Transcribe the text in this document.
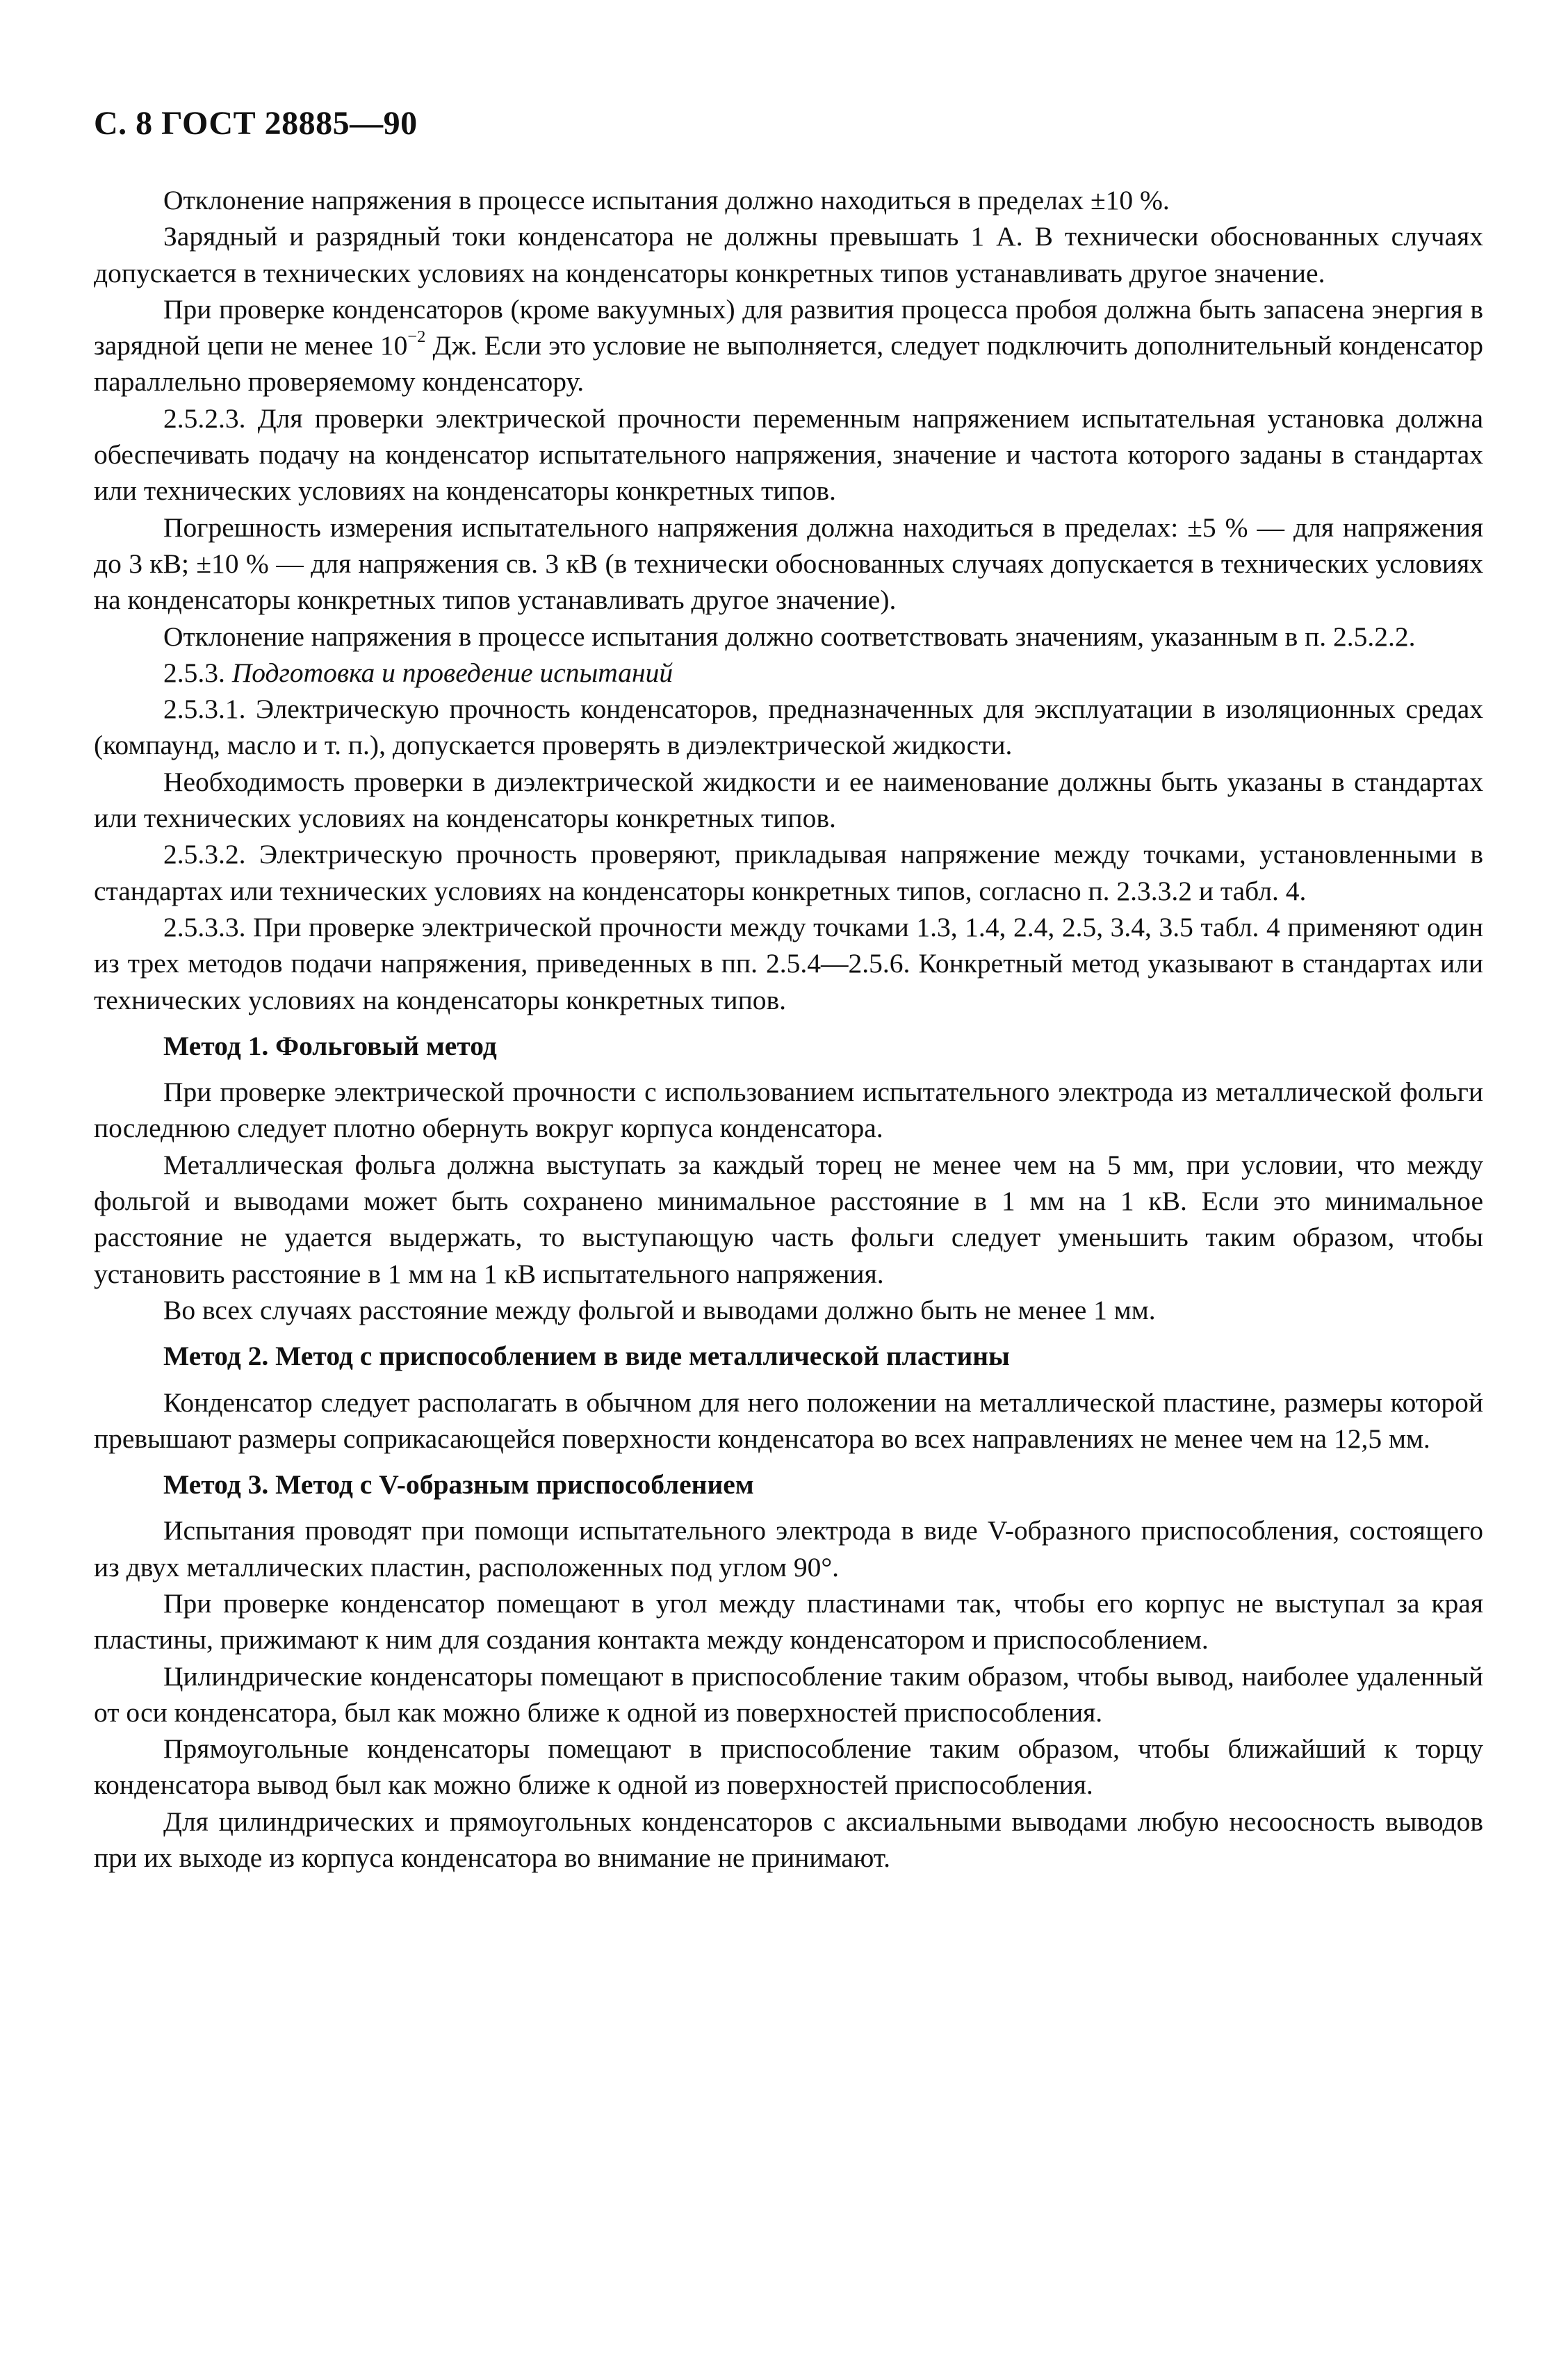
С. 8 ГОСТ 28885—90

Отклонение напряжения в процессе испытания должно находиться в пределах ±10 %.

Зарядный и разрядный токи конденсатора не должны превышать 1 А. В технически обоснованных случаях допускается в технических условиях на конденсаторы конкретных типов устанавливать другое значение.

При проверке конденсаторов (кроме вакуумных) для развития процесса пробоя должна быть запасена энергия в зарядной цепи не менее $10^{-2}$ Дж. Если это условие не выполняется, следует подключить дополнительный конденсатор параллельно проверяемому конденсатору.

2.5.2.3. Для проверки электрической прочности переменным напряжением испытательная установка должна обеспечивать подачу на конденсатор испытательного напряжения, значение и частота которого заданы в стандартах или технических условиях на конденсаторы конкретных типов.

Погрешность измерения испытательного напряжения должна находиться в пределах: ±5 % — для напряжения до 3 кВ; ±10 % — для напряжения св. 3 кВ (в технически обоснованных случаях допускается в технических условиях на конденсаторы конкретных типов устанавливать другое значение).

Отклонение напряжения в процессе испытания должно соответствовать значениям, указанным в п. 2.5.2.2.

2.5.3. Подготовка и проведение испытаний

2.5.3.1. Электрическую прочность конденсаторов, предназначенных для эксплуатации в изоляционных средах (компаунд, масло и т. п.), допускается проверять в диэлектрической жидкости.

Необходимость проверки в диэлектрической жидкости и ее наименование должны быть указаны в стандартах или технических условиях на конденсаторы конкретных типов.

2.5.3.2. Электрическую прочность проверяют, прикладывая напряжение между точками, установленными в стандартах или технических условиях на конденсаторы конкретных типов, согласно п. 2.3.3.2 и табл. 4.

2.5.3.3. При проверке электрической прочности между точками 1.3, 1.4, 2.4, 2.5, 3.4, 3.5 табл. 4 применяют один из трех методов подачи напряжения, приведенных в пп. 2.5.4—2.5.6. Конкретный метод указывают в стандартах или технических условиях на конденсаторы конкретных типов.

Метод 1. Фольговый метод

При проверке электрической прочности с использованием испытательного электрода из металлической фольги последнюю следует плотно обернуть вокруг корпуса конденсатора.

Металлическая фольга должна выступать за каждый торец не менее чем на 5 мм, при условии, что между фольгой и выводами может быть сохранено минимальное расстояние в 1 мм на 1 кВ. Если это минимальное расстояние не удается выдержать, то выступающую часть фольги следует уменьшить таким образом, чтобы установить расстояние в 1 мм на 1 кВ испытательного напряжения.

Во всех случаях расстояние между фольгой и выводами должно быть не менее 1 мм.

Метод 2. Метод с приспособлением в виде металлической пластины

Конденсатор следует располагать в обычном для него положении на металлической пластине, размеры которой превышают размеры соприкасающейся поверхности конденсатора во всех направлениях не менее чем на 12,5 мм.

Метод 3. Метод с V-образным приспособлением

Испытания проводят при помощи испытательного электрода в виде V-образного приспособления, состоящего из двух металлических пластин, расположенных под углом 90°.

При проверке конденсатор помещают в угол между пластинами так, чтобы его корпус не выступал за края пластины, прижимают к ним для создания контакта между конденсатором и приспособлением.

Цилиндрические конденсаторы помещают в приспособление таким образом, чтобы вывод, наиболее удаленный от оси конденсатора, был как можно ближе к одной из поверхностей приспособления.

Прямоугольные конденсаторы помещают в приспособление таким образом, чтобы ближайший к торцу конденсатора вывод был как можно ближе к одной из поверхностей приспособления.

Для цилиндрических и прямоугольных конденсаторов с аксиальными выводами любую несоосность выводов при их выходе из корпуса конденсатора во внимание не принимают.
